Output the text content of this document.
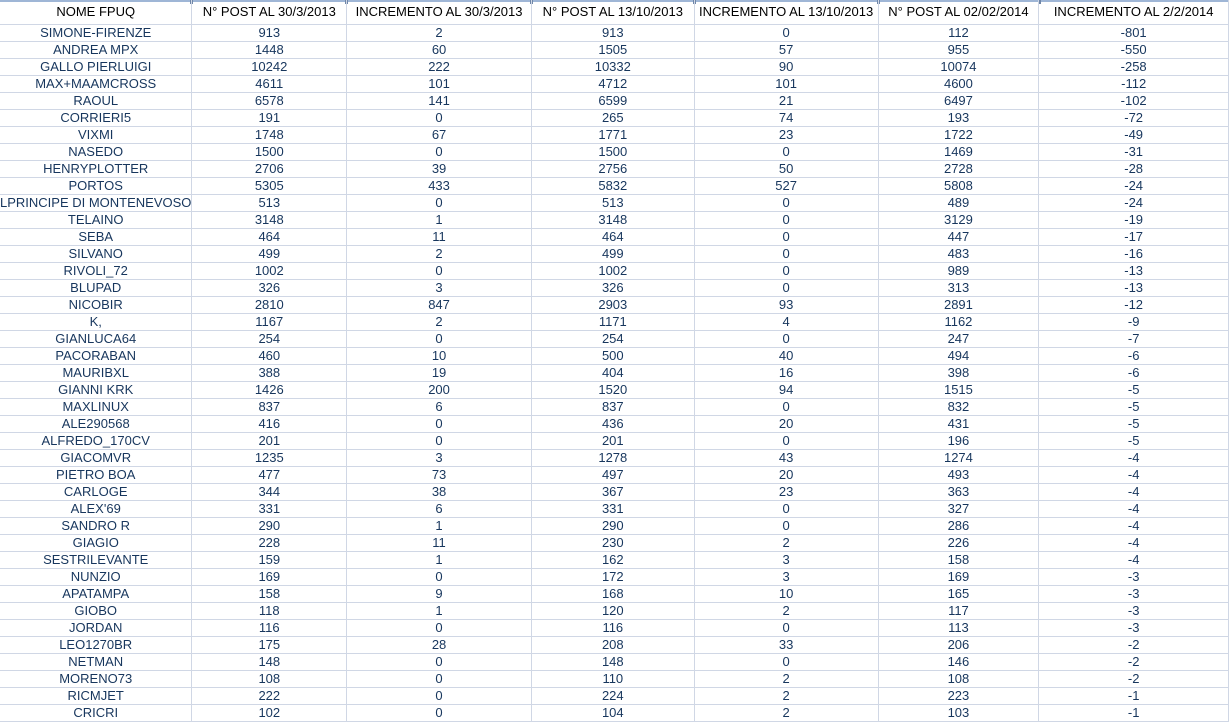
NOME FPUQ	N° POST AL 30/3/2013	INCREMENTO AL 30/3/2013	N° POST AL 13/10/2013	INCREMENTO AL 13/10/2013	N° POST AL 02/02/2014	INCREMENTO AL 2/2/2014
SIMONE-FIRENZE	913	2	913	0	112	-801
ANDREA MPX	1448	60	1505	57	955	-550
GALLO PIERLUIGI	10242	222	10332	90	10074	-258
MAX+MAAMCROSS	4611	101	4712	101	4600	-112
RAOUL	6578	141	6599	21	6497	-102
CORRIERI5	191	0	265	74	193	-72
VIXMI	1748	67	1771	23	1722	-49
NASEDO	1500	0	1500	0	1469	-31
HENRYPLOTTER	2706	39	2756	50	2728	-28
PORTOS	5305	433	5832	527	5808	-24
LPRINCIPE DI MONTENEVOSO	513	0	513	0	489	-24
TELAINO	3148	1	3148	0	3129	-19
SEBA	464	11	464	0	447	-17
SILVANO	499	2	499	0	483	-16
RIVOLI_72	1002	0	1002	0	989	-13
BLUPAD	326	3	326	0	313	-13
NICOBIR	2810	847	2903	93	2891	-12
K,	1167	2	1171	4	1162	-9
GIANLUCA64	254	0	254	0	247	-7
PACORABAN	460	10	500	40	494	-6
MAURIBXL	388	19	404	16	398	-6
GIANNI KRK	1426	200	1520	94	1515	-5
MAXLINUX	837	6	837	0	832	-5
ALE290568	416	0	436	20	431	-5
ALFREDO_170CV	201	0	201	0	196	-5
GIACOMVR	1235	3	1278	43	1274	-4
PIETRO BOA	477	73	497	20	493	-4
CARLOGE	344	38	367	23	363	-4
ALEX'69	331	6	331	0	327	-4
SANDRO R	290	1	290	0	286	-4
GIAGIO	228	11	230	2	226	-4
SESTRILEVANTE	159	1	162	3	158	-4
NUNZIO	169	0	172	3	169	-3
APATAMPA	158	9	168	10	165	-3
GIOBO	118	1	120	2	117	-3
JORDAN	116	0	116	0	113	-3
LEO1270BR	175	28	208	33	206	-2
NETMAN	148	0	148	0	146	-2
MORENO73	108	0	110	2	108	-2
RICMJET	222	0	224	2	223	-1
CRICRI	102	0	104	2	103	-1
